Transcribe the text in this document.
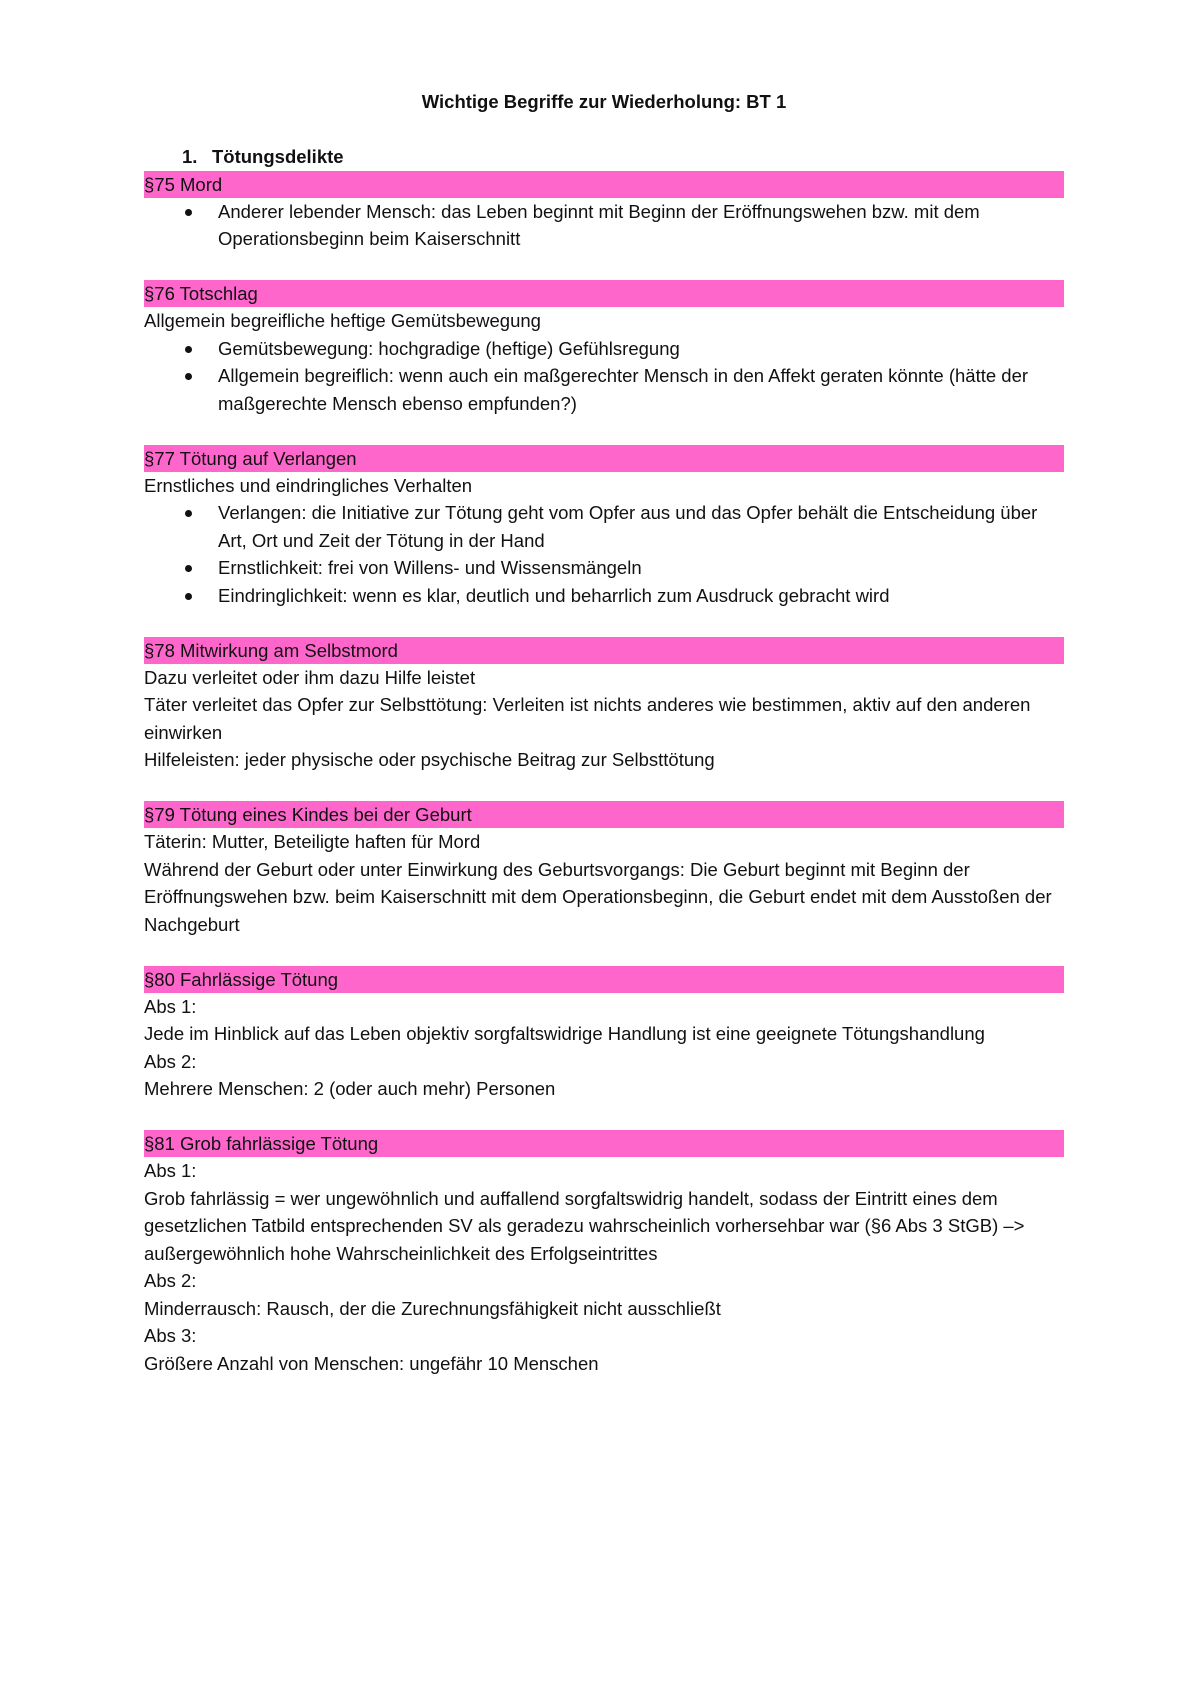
Wichtige Begriffe zur Wiederholung: BT 1
1. Tötungsdelikte
§75 Mord
Anderer lebender Mensch: das Leben beginnt mit Beginn der Eröffnungswehen bzw. mit dem Operationsbeginn beim Kaiserschnitt
§76 Totschlag
Allgemein begreifliche heftige Gemütsbewegung
Gemütsbewegung: hochgradige (heftige) Gefühlsregung
Allgemein begreiflich: wenn auch ein maßgerechter Mensch in den Affekt geraten könnte (hätte der maßgerechte Mensch ebenso empfunden?)
§77 Tötung auf Verlangen
Ernstliches und eindringliches Verhalten
Verlangen: die Initiative zur Tötung geht vom Opfer aus und das Opfer behält die Entscheidung über Art, Ort und Zeit der Tötung in der Hand
Ernstlichkeit: frei von Willens- und Wissensmängeln
Eindringlichkeit: wenn es klar, deutlich und beharrlich zum Ausdruck gebracht wird
§78 Mitwirkung am Selbstmord
Dazu verleitet oder ihm dazu Hilfe leistet
Täter verleitet das Opfer zur Selbsttötung: Verleiten ist nichts anderes wie bestimmen, aktiv auf den anderen einwirken
Hilfeleisten: jeder physische oder psychische Beitrag zur Selbsttötung
§79 Tötung eines Kindes bei der Geburt
Täterin: Mutter, Beteiligte haften für Mord
Während der Geburt oder unter Einwirkung des Geburtsvorgangs: Die Geburt beginnt mit Beginn der Eröffnungswehen bzw. beim Kaiserschnitt mit dem Operationsbeginn, die Geburt endet mit dem Ausstoßen der Nachgeburt
§80 Fahrlässige Tötung
Abs 1:
Jede im Hinblick auf das Leben objektiv sorgfaltswidrige Handlung ist eine geeignete Tötungshandlung
Abs 2:
Mehrere Menschen: 2 (oder auch mehr) Personen
§81 Grob fahrlässige Tötung
Abs 1:
Grob fahrlässig = wer ungewöhnlich und auffallend sorgfaltswidrig handelt, sodass der Eintritt eines dem gesetzlichen Tatbild entsprechenden SV als geradezu wahrscheinlich vorhersehbar war (§6 Abs 3 StGB) –> außergewöhnlich hohe Wahrscheinlichkeit des Erfolgseintrittes
Abs 2:
Minderrausch: Rausch, der die Zurechnungsfähigkeit nicht ausschließt
Abs 3:
Größere Anzahl von Menschen: ungefähr 10 Menschen
